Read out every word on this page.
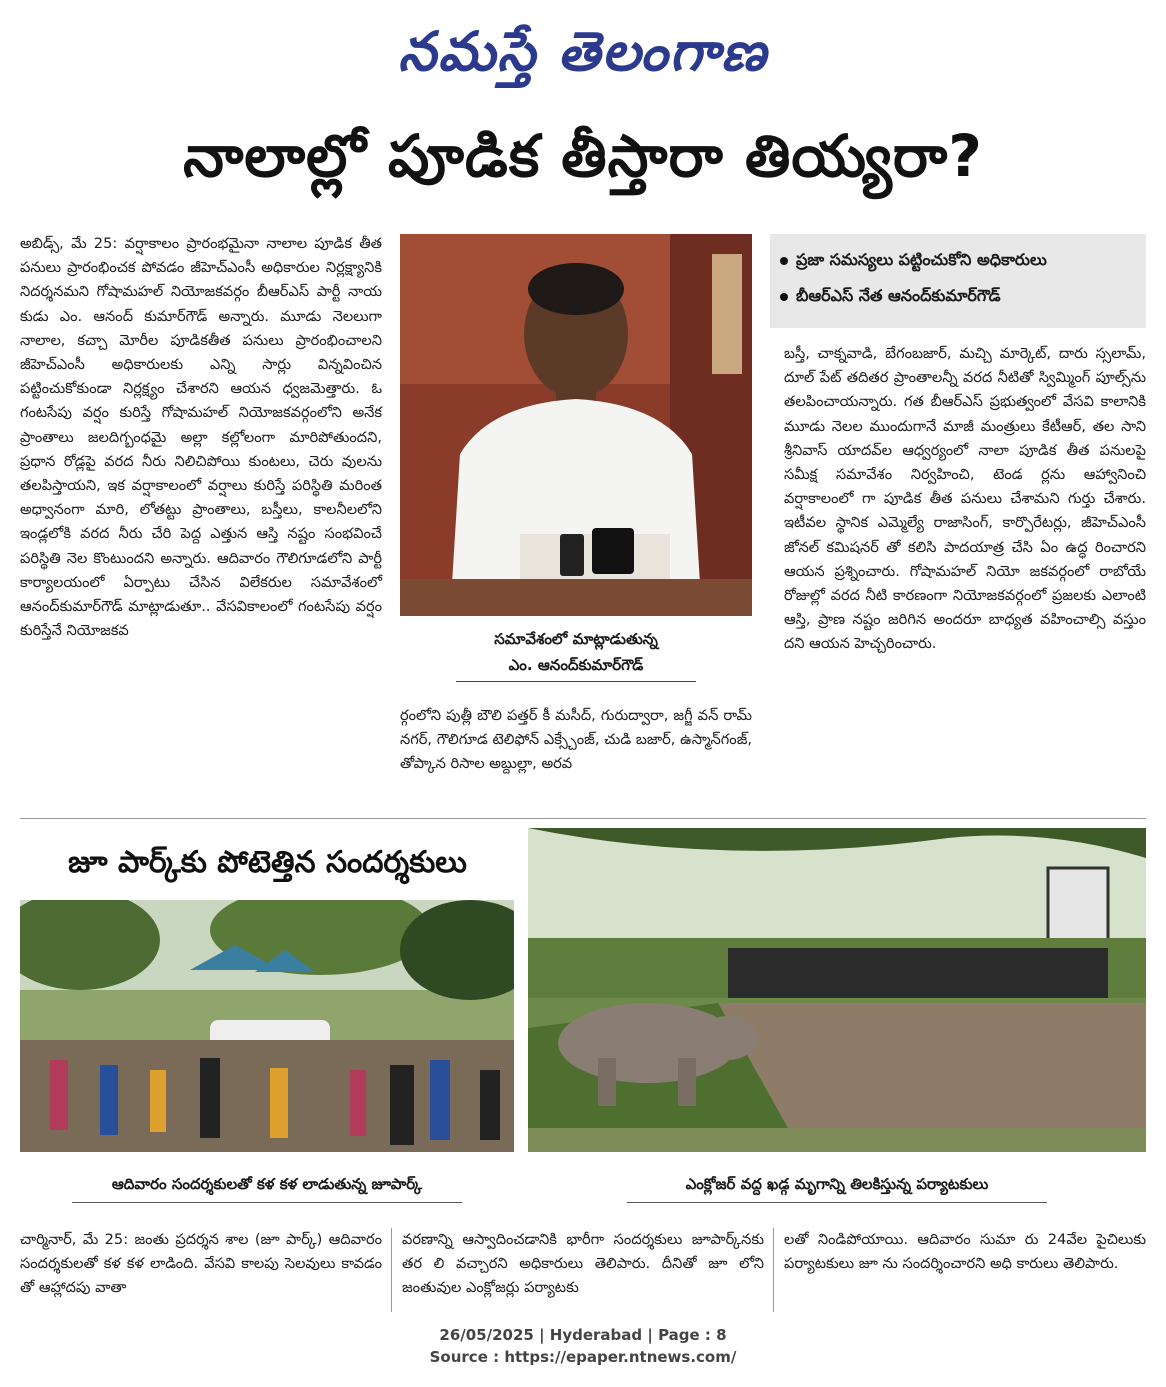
నమస్తే తెలంగాణ
నాలాల్లో పూడిక తీస్తారా తియ్యరా?

అబిడ్స్, మే 25: వర్షాకాలం ప్రారంభమైనా నాలాల పూడిక తీత పనులు ప్రారంభించక పోవడం జీహెచ్‌ఎంసీ అధికారుల నిర్లక్ష్యానికి నిదర్శనమని గోషామహల్ నియోజకవర్గం బీఆర్‌ఎస్ పార్టీ నాయ కుడు ఎం. ఆనంద్ కుమార్‌గౌడ్ అన్నారు. మూడు నెలలుగా నాలాల, కచ్చా మోరీల పూడికతీత పనులు ప్రారంభించాలని జీహెచ్‌ఎంసీ అధికారులకు ఎన్ని సార్లు విన్నవించిన పట్టించుకోకుండా నిర్లక్ష్యం చేశారని ఆయన ధ్వజమెత్తారు. ఓ గంటసేపు వర్షం కురిస్తే గోషామహల్ నియోజకవర్గంలోని అనేక ప్రాంతాలు జలదిగ్బంధమై అల్లా కల్లోలంగా మారిపోతుందని, ప్రధాన రోడ్లపై వరద నీరు నిలిచిపోయి కుంటలు, చెరు వులను తలపిస్తాయని, ఇక వర్షాకాలంలో వర్షాలు కురిస్తే పరిస్థితి మరింత అధ్వానంగా మారి, లోతట్టు ప్రాంతాలు, బస్తీలు, కాలనీలలోని ఇండ్లలోకి వరద నీరు చేరి పెద్ద ఎత్తున ఆస్తి నష్టం సంభవించే పరిస్థితి నెల కొంటుందని అన్నారు. ఆదివారం గౌలిగూడలోని పార్టీ కార్యాలయంలో ఏర్పాటు చేసిన విలేకరుల సమావేశంలో ఆనంద్‌కుమార్‌గౌడ్ మాట్లాడుతూ.. వేసవికాలంలో గంటసేపు వర్షం కురిస్తేనే నియోజకవ	సమావేశంలో మాట్లాడుతున్న
ఎం. ఆనంద్‌కుమార్‌గౌడ్

ర్గంలోని పుత్లీ బౌలి పత్తర్ కీ మసీద్, గురుద్వారా, జగ్జీ వన్ రామ్ నగర్, గౌలిగూడ టెలిఫోన్ ఎక్స్చేంజ్, చుడి బజార్, ఉస్మాన్‌గంజ్, తోప్కాన రిసాల అబ్దుల్లా, అరవ

ప్రజా సమస్యలు పట్టించుకోని అధికారులు
బీఆర్ఎస్ నేత ఆనంద్‌కుమార్‌గౌడ్

బస్తీ, చాక్నవాడి, బేగంబజార్, మచ్చి మార్కెట్, దారు స్సలామ్, దూల్ పేట్ తదితర ప్రాంతాలన్నీ వరద నీటితో స్విమ్మింగ్ పూల్స్‌ను తలపించాయన్నారు. గత బీఆర్‌ఎస్ ప్రభుత్వంలో వేసవి కాలానికి మూడు నెలల ముందుగానే మాజీ మంత్రులు కేటీఆర్, తల సాని శ్రీనివాస్ యాదవ్‌ల ఆధ్వర్యంలో నాలా పూడిక తీత పనులపై సమీక్ష సమావేశం నిర్వహించి, టెండ ర్లను ఆహ్వానించి వర్షాకాలంలో గా పూడిక తీత పనులు చేశామని గుర్తు చేశారు. ఇటీవల స్థానిక ఎమ్మెల్యే రాజాసింగ్, కార్పొరేటర్లు, జీహెచ్‌ఎంసీ జోనల్ కమిషనర్ తో కలిసి పాదయాత్ర చేసి ఏం ఉద్ధ రించారని ఆయన ప్రశ్నించారు. గోషామహల్ నియో జకవర్గంలో రాబోయే రోజుల్లో వరద నీటి కారణంగా నియోజకవర్గంలో ప్రజలకు ఎలాంటి ఆస్తి, ప్రాణ నష్టం జరిగిన అందరూ బాధ్యత వహించాల్సి వస్తుం దని ఆయన హెచ్చరించారు.

జూ పార్క్‌కు పోటెత్తిన సందర్శకులు
ఆదివారం సందర్శకులతో కళ కళ లాడుతున్న జూపార్క్	ఎంక్లోజర్ వద్ద ఖడ్గ మృగాన్ని తిలకిస్తున్న పర్యాటకులు

చార్మినార్, మే 25: జంతు ప్రదర్శన శాల (జూ పార్క్) ఆదివారం సందర్శకులతో కళ కళ లాడింది. వేసవి కాలపు సెలవులు కావడం తో ఆహ్లాదపు వాతా

వరణాన్ని ఆస్వాదించడానికి భారీగా సందర్శకులు జూపార్క్‌నకు తర లి వచ్చారని అధికారులు తెలిపారు. దీనితో జూ లోని జంతువుల ఎంక్లోజర్లు పర్యాటకు

లతో నిండిపోయాయి. ఆదివారం సుమా రు 24వేల పైచిలుకు పర్యాటకులు జూ ను సందర్శించారని అధి కారులు తెలిపారు.

26/05/2025 | Hyderabad | Page : 8
Source : https://epaper.ntnews.com/
